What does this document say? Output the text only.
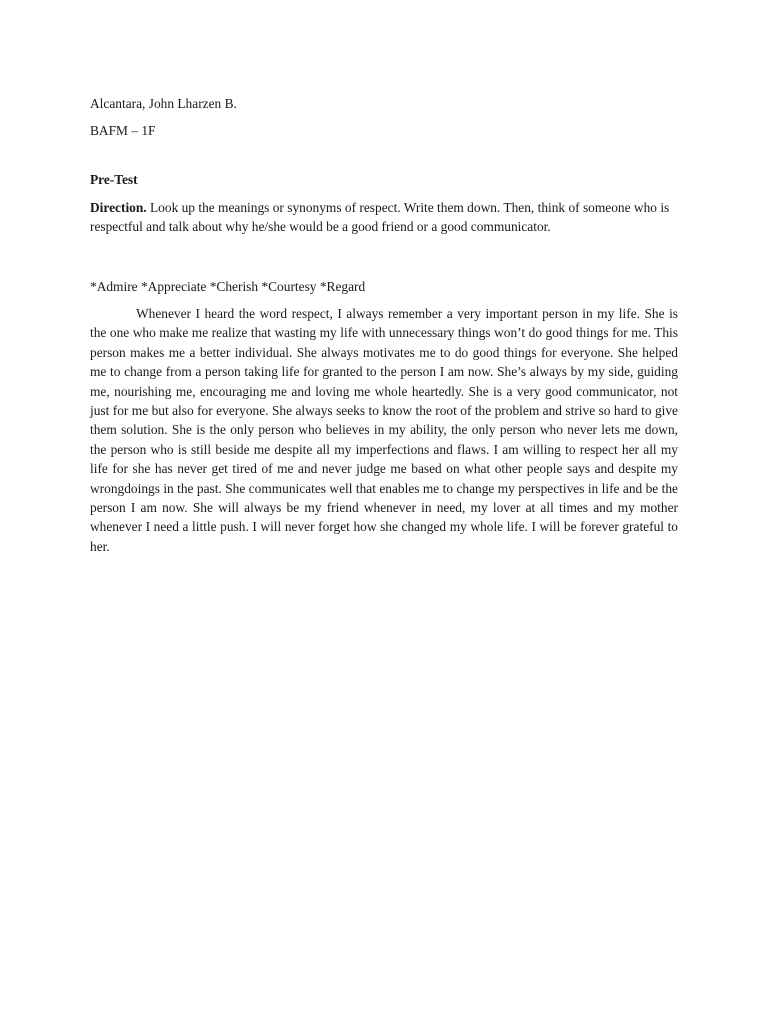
Alcantara, John Lharzen B.

BAFM – 1F

Pre-Test

Direction. Look up the meanings or synonyms of respect. Write them down. Then, think of someone who is respectful and talk about why he/she would be a good friend or a good communicator.

*Admire *Appreciate *Cherish *Courtesy *Regard

Whenever I heard the word respect, I always remember a very important person in my life. She is the one who make me realize that wasting my life with unnecessary things won’t do good things for me. This person makes me a better individual. She always motivates me to do good things for everyone. She helped me to change from a person taking life for granted to the person I am now. She’s always by my side, guiding me, nourishing me, encouraging me and loving me whole heartedly. She is a very good communicator, not just for me but also for everyone. She always seeks to know the root of the problem and strive so hard to give them solution. She is the only person who believes in my ability, the only person who never lets me down, the person who is still beside me despite all my imperfections and flaws. I am willing to respect her all my life for she has never get tired of me and never judge me based on what other people says and despite my wrongdoings in the past. She communicates well that enables me to change my perspectives in life and be the person I am now. She will always be my friend whenever in need, my lover at all times and my mother whenever I need a little push. I will never forget how she changed my whole life. I will be forever grateful to her.
